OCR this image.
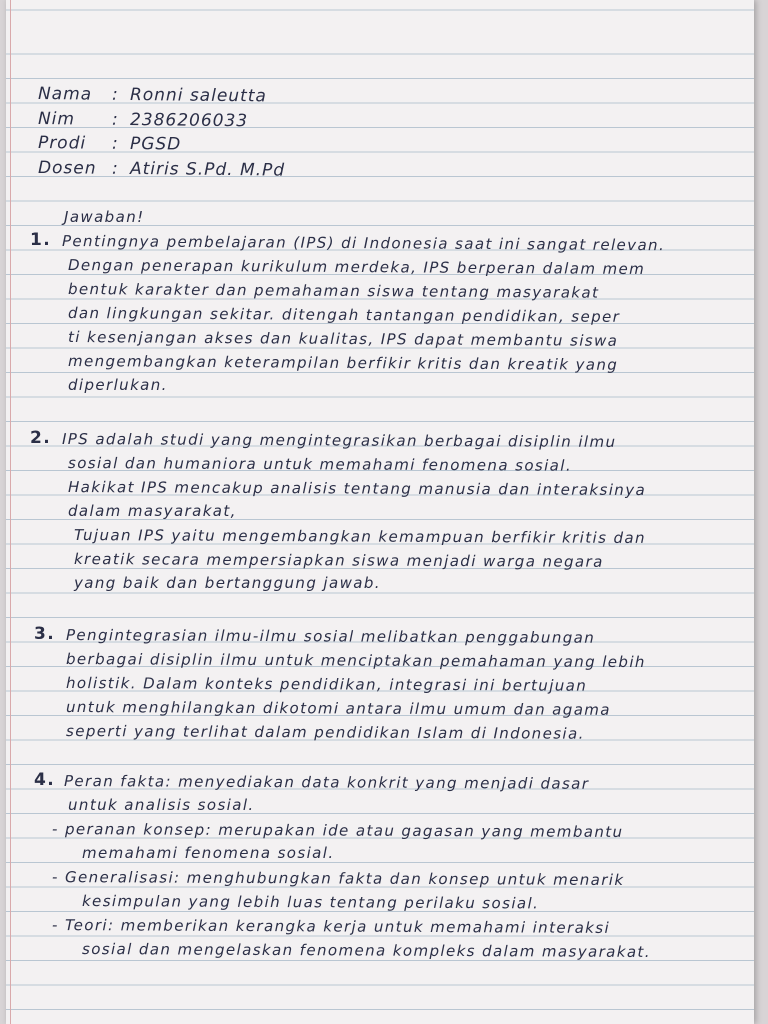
Nama : Ronni saleutta
Nim : 2386206033
Prodi : PGSD
Dosen : Atiris S.Pd. M.Pd
Jawaban!
1. Pentingnya pembelajaran (IPS) di Indonesia saat ini sangat relevan.
Dengan penerapan kurikulum merdeka, IPS berperan dalam mem
bentuk karakter dan pemahaman siswa tentang masyarakat
dan lingkungan sekitar. ditengah tantangan pendidikan, seper
ti kesenjangan akses dan kualitas, IPS dapat membantu siswa
mengembangkan keterampilan berfikir kritis dan kreatik yang
diperlukan.
2. IPS adalah studi yang mengintegrasikan berbagai disiplin ilmu
sosial dan humaniora untuk memahami fenomena sosial.
Hakikat IPS mencakup analisis tentang manusia dan interaksinya
dalam masyarakat,
Tujuan IPS yaitu mengembangkan kemampuan berfikir kritis dan
kreatik secara mempersiapkan siswa menjadi warga negara
yang baik dan bertanggung jawab.
3. Pengintegrasian ilmu-ilmu sosial melibatkan penggabungan
berbagai disiplin ilmu untuk menciptakan pemahaman yang lebih
holistik. Dalam konteks pendidikan, integrasi ini bertujuan
untuk menghilangkan dikotomi antara ilmu umum dan agama
seperti yang terlihat dalam pendidikan Islam di Indonesia.
4. Peran fakta: menyediakan data konkrit yang menjadi dasar
untuk analisis sosial.
- peranan konsep: merupakan ide atau gagasan yang membantu
memahami fenomena sosial.
- Generalisasi: menghubungkan fakta dan konsep untuk menarik
kesimpulan yang lebih luas tentang perilaku sosial.
- Teori: memberikan kerangka kerja untuk memahami interaksi
sosial dan mengelaskan fenomena kompleks dalam masyarakat.
